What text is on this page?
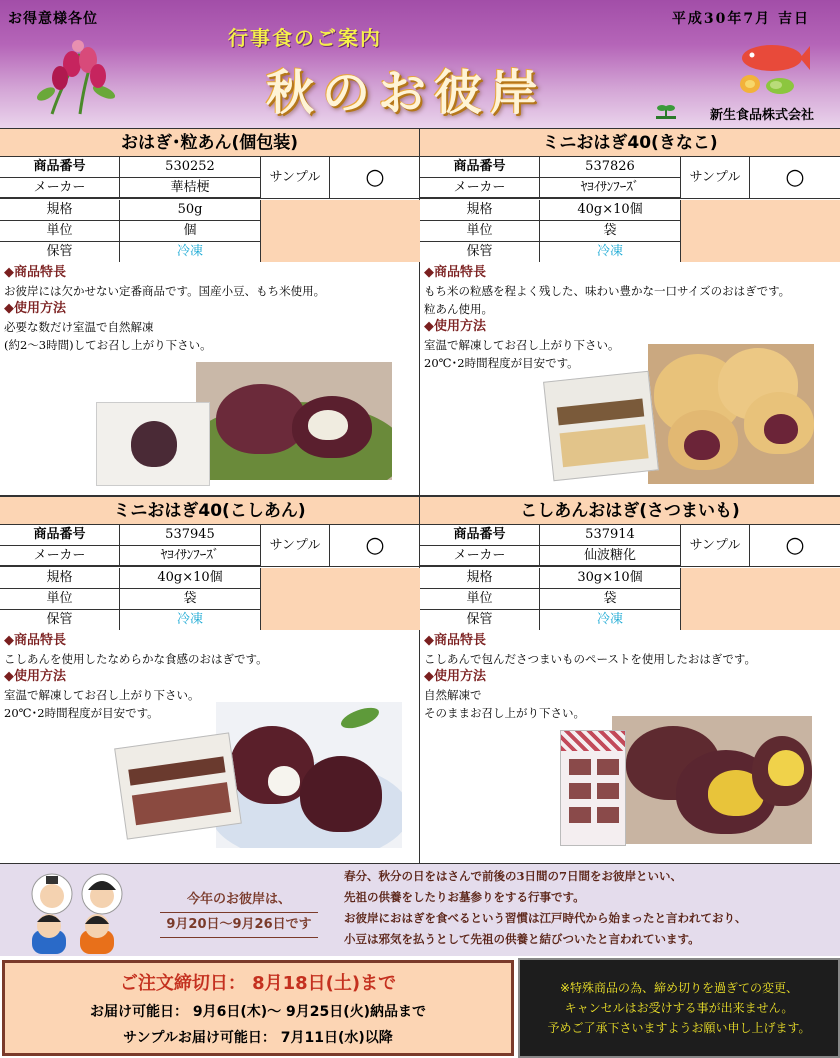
お得意様各位	平成30年7月 吉日
行事食のご案内
秋のお彼岸	新生食品株式会社
おはぎ･粒あん(個包装)
商品番号	530252
メーカー	華桔梗
規格	50g
単位	個
保管	冷凍
サンプル	○
◆商品特長
お彼岸には欠かせない定番商品です。国産小豆、もち米使用。
◆使用方法
必要な数だけ室温で自然解凍
(約2～3時間)してお召し上がり下さい。
ミニおはぎ40(きなこ)
商品番号	537826
メーカー	ﾔﾖｲｻﾝﾌｰｽﾞ
規格	40g×10個
単位	袋
保管	冷凍
サンプル	○
◆商品特長
もち米の粒感を程よく残した、味わい豊かな一口サイズのおはぎです。
粒あん使用。
◆使用方法
室温で解凍してお召し上がり下さい。
20℃･2時間程度が目安です。
ミニおはぎ40(こしあん)
商品番号	537945
メーカー	ﾔﾖｲｻﾝﾌｰｽﾞ
規格	40g×10個
単位	袋
保管	冷凍
サンプル	○
◆商品特長
こしあんを使用したなめらかな食感のおはぎです。
◆使用方法
室温で解凍してお召し上がり下さい。
20℃･2時間程度が目安です。
こしあんおはぎ(さつまいも)
商品番号	537914
メーカー	仙波糖化
規格	30g×10個
単位	袋
保管	冷凍
サンプル	○
◆商品特長
こしあんで包んださつまいものペーストを使用したおはぎです。
◆使用方法
自然解凍で
そのままお召し上がり下さい。
今年のお彼岸は、
9月20日～9月26日です
春分、秋分の日をはさんで前後の3日間の7日間をお彼岸といい、
先祖の供養をしたりお墓参りをする行事です。
お彼岸におはぎを食べるという習慣は江戸時代から始まったと言われており、
小豆は邪気を払うとして先祖の供養と結びついたと言われています。
ご注文締切日： 8月18日(土)まで
お届け可能日： 9月6日(木)～ 9月25日(火)納品まで
サンプルお届け可能日： 7月11日(水)以降
※特殊商品の為、締め切りを過ぎての変更、
キャンセルはお受けする事が出来ません。
予めご了承下さいますようお願い申し上げます。
